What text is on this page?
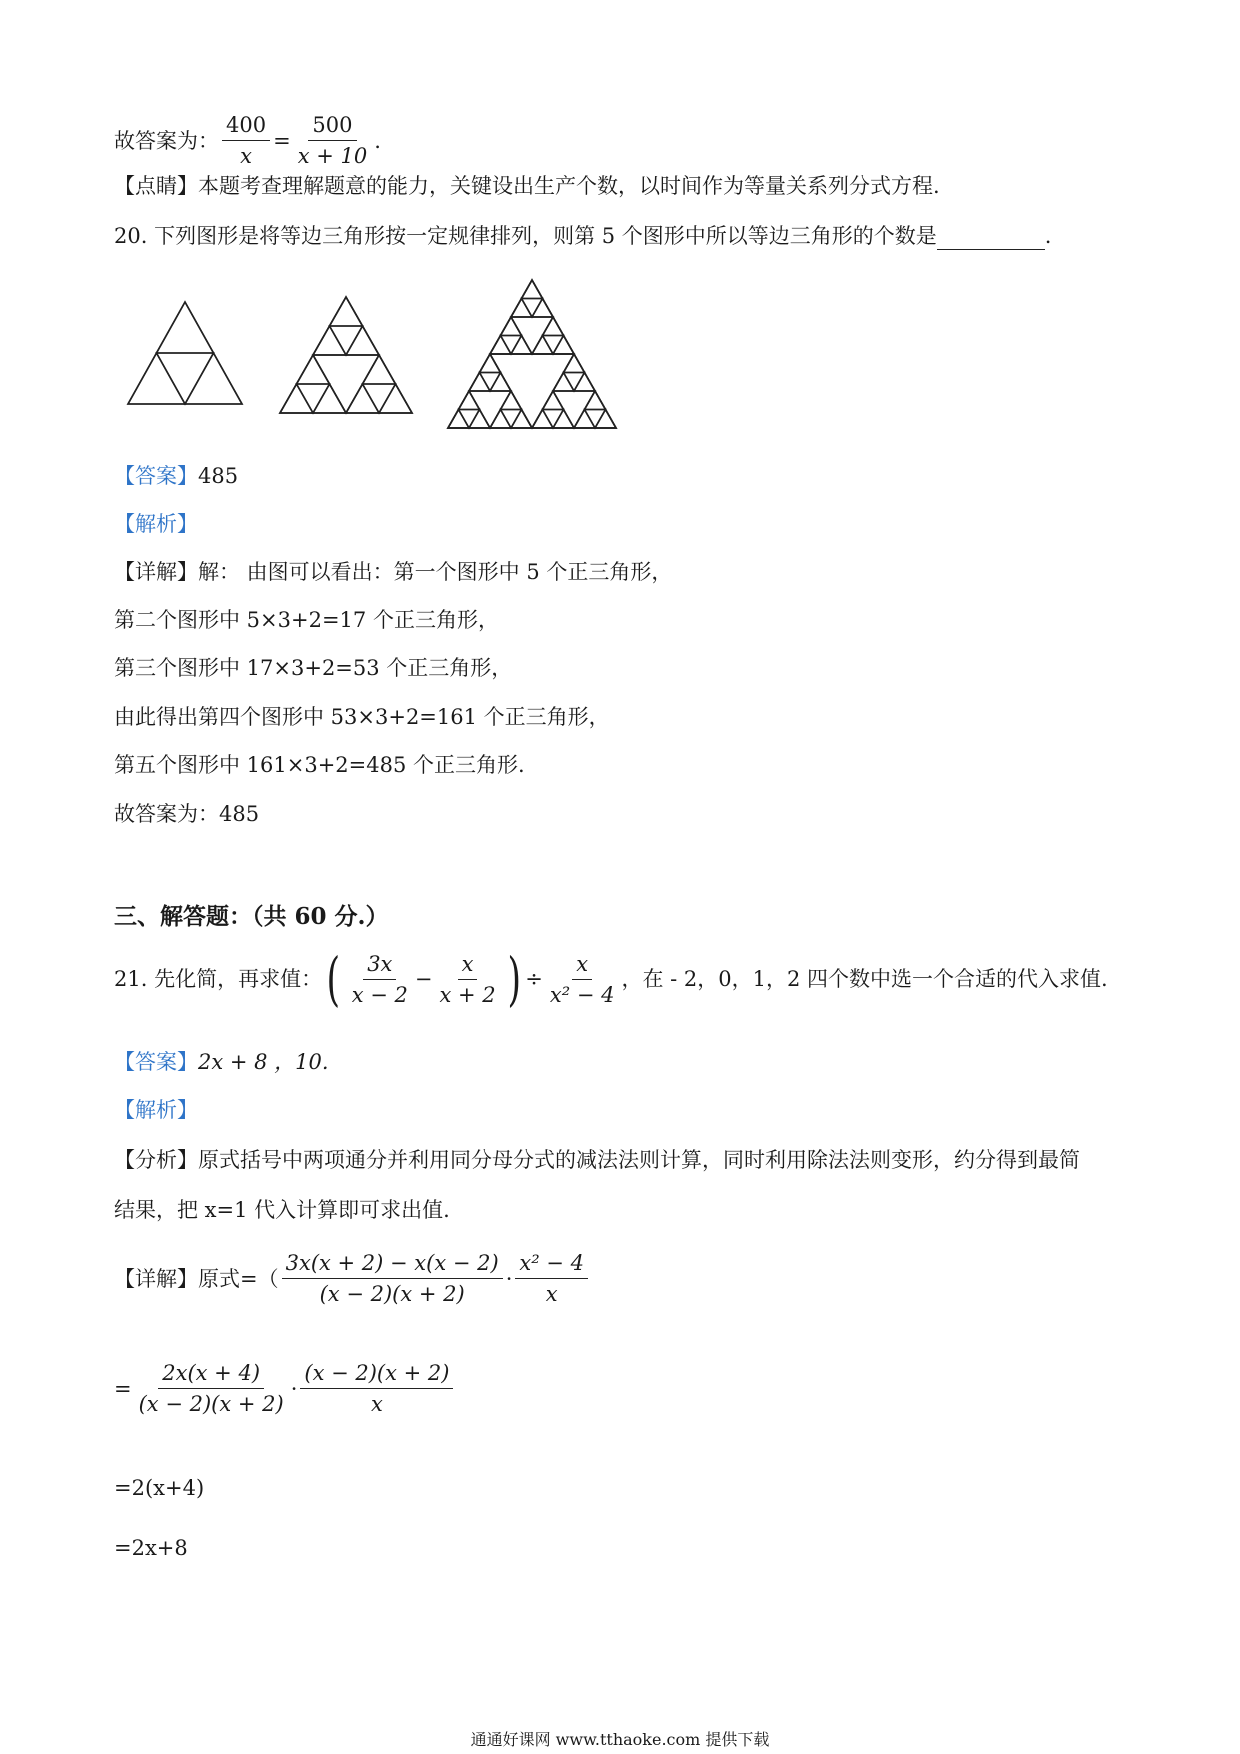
故答案为： $\frac{400}{x} = \frac{500}{x + 10}$ .
【点睛】本题考查理解题意的能力，关键设出生产个数，以时间作为等量关系列分式方程.
20. 下列图形是将等边三角形按一定规律排列，则第 5 个图形中所以等边三角形的个数是	.
【答案】485
【解析】
【详解】解： 由图可以看出：第一个图形中 5 个正三角形，
第二个图形中 5×3+2=17 个正三角形，
第三个图形中 17×3+2=53 个正三角形，
由此得出第四个图形中 53×3+2=161 个正三角形，
第五个图形中 161×3+2=485 个正三角形.
故答案为：485
三、解答题：（共 60 分.）
21. 先化简，再求值： ( $\frac{3x}{x - 2} - \frac{x}{x + 2}$ ) ÷ $\frac{x}{\text{x² − 4}}$ ，在 - 2，0，1，2 四个数中选一个合适的代入求值.
【答案】2x + 8 ，10.
【解析】
【分析】原式括号中两项通分并利用同分母分式的减法法则计算，同时利用除法法则变形，约分得到最简
结果，把 x=1 代入计算即可求出值.
【详解】 原式=（ $\frac{3x(x + 2) - x(x - 2)}{(x - 2)(x + 2)} \cdot \frac{\text{x² − 4}}{x}$
= $\frac{2x(x + 4)}{(x - 2)(x + 2)} \cdot \frac{(x - 2)(x + 2)}{x}$
=2(x+4)
=2x+8
通通好课网 www.tthaoke.com 提供下载
